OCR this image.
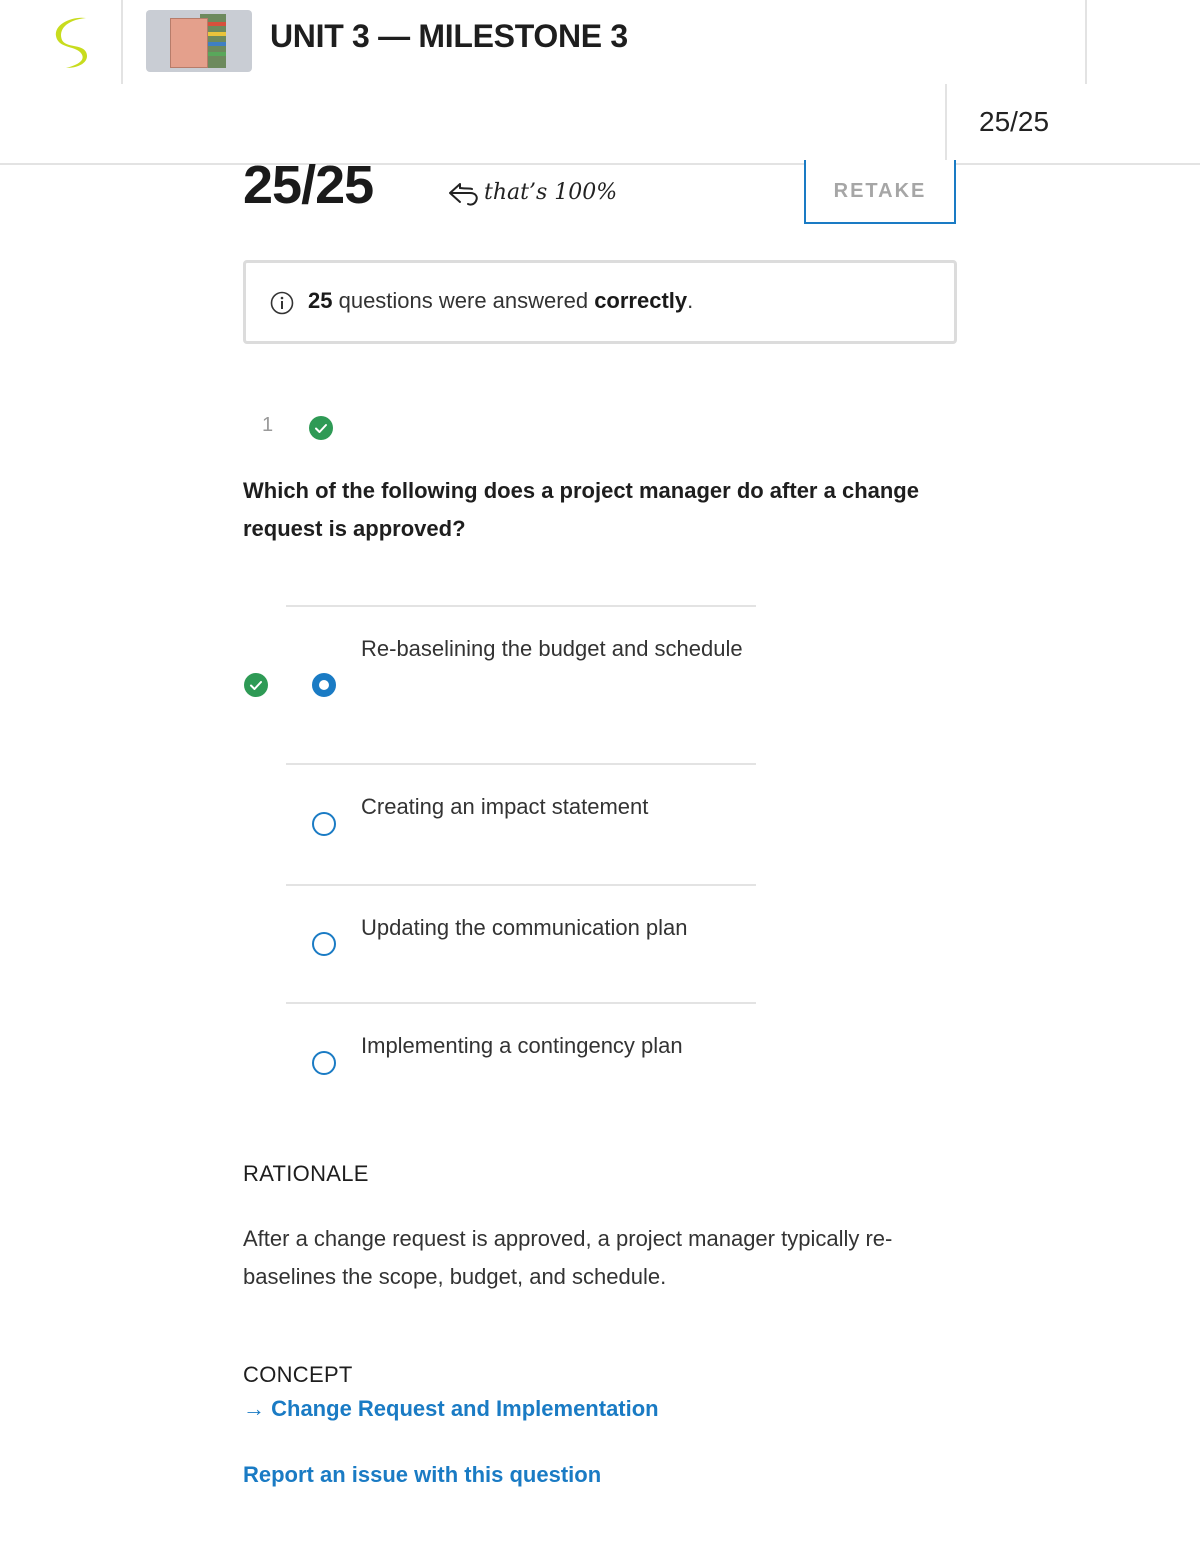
UNIT 3 — MILESTONE 3
25/25
25/25	that’s 100%	RETAKE
25 questions were answered correctly.
1
Which of the following does a project manager do after a change request is approved?
Re-baselining the budget and schedule
Creating an impact statement
Updating the communication plan
Implementing a contingency plan
RATIONALE
After a change request is approved, a project manager typically re-baselines the scope, budget, and schedule.
CONCEPT
→ Change Request and Implementation
Report an issue with this question
